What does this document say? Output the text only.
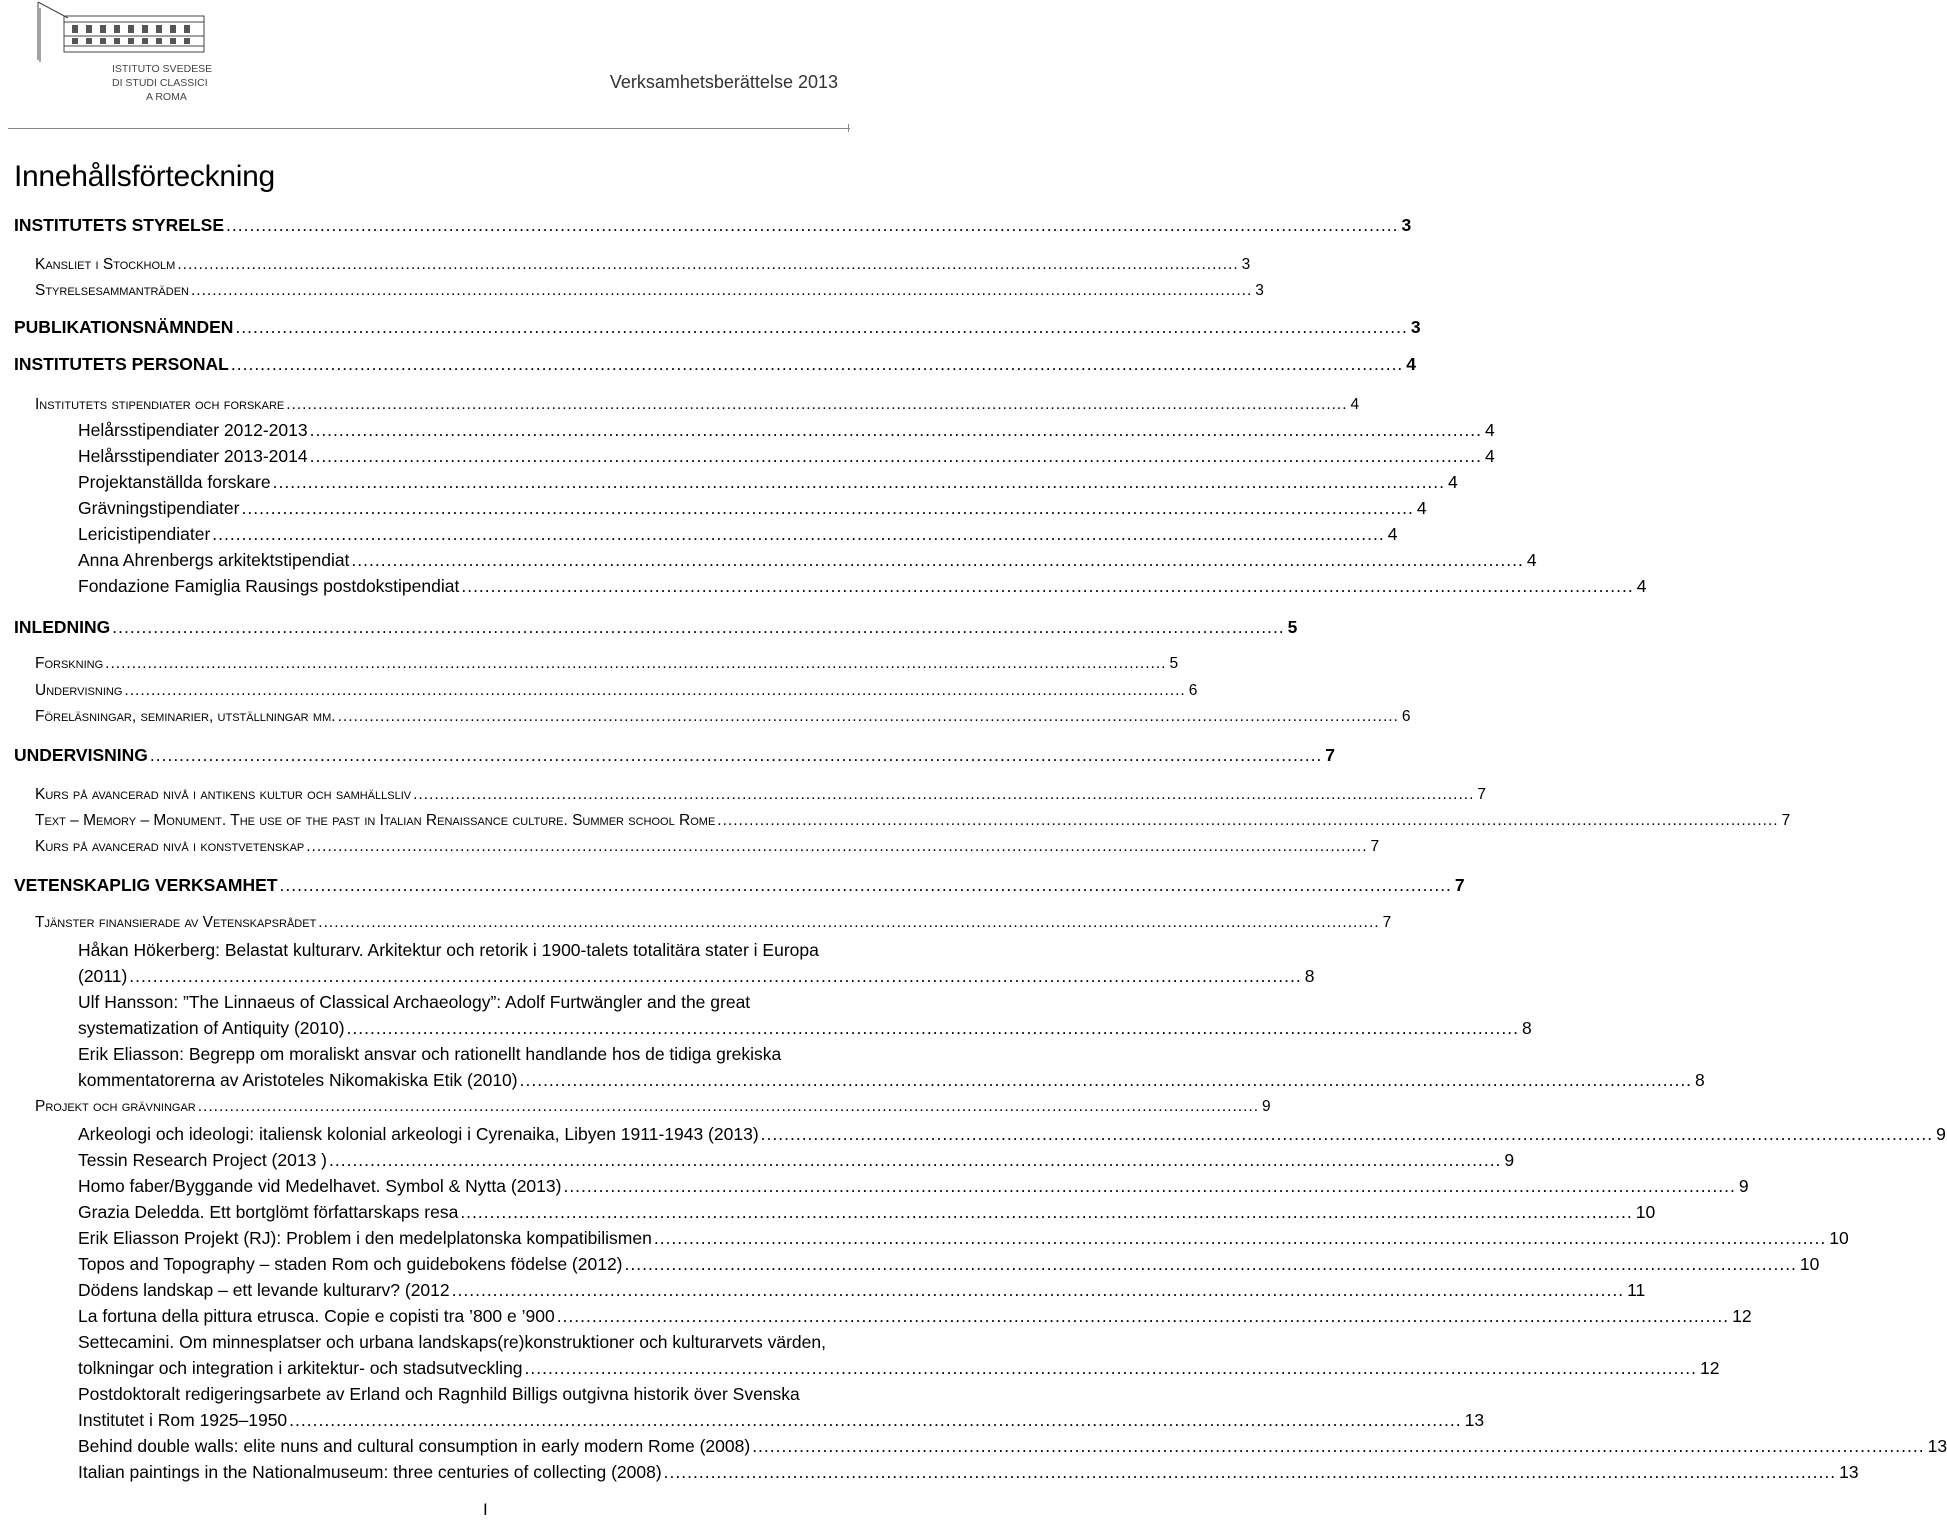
ISTITUTO SVEDESE
DI STUDI CLASSICI
A ROMA
Verksamhetsberättelse 2013
Innehållsförteckning
INSTITUTETS STYRELSE ........................................................................................................................................................................................................ 3
Kansliet i Stockholm ........................................................................................................................................................................................................ 3
Styrelsesammanträden ........................................................................................................................................................................................................ 3
PUBLIKATIONSNÄMNDEN ........................................................................................................................................................................................................ 3
INSTITUTETS PERSONAL ........................................................................................................................................................................................................ 4
Institutets stipendiater och forskare ........................................................................................................................................................................................................ 4
Helårsstipendiater 2012-2013 ........................................................................................................................................................................................................ 4
Helårsstipendiater 2013-2014 ........................................................................................................................................................................................................ 4
Projektanställda forskare ........................................................................................................................................................................................................ 4
Grävningstipendiater ........................................................................................................................................................................................................ 4
Lericistipendiater ........................................................................................................................................................................................................ 4
Anna Ahrenbergs arkitektstipendiat ........................................................................................................................................................................................................ 4
Fondazione Famiglia Rausings postdokstipendiat ........................................................................................................................................................................................................ 4
INLEDNING ........................................................................................................................................................................................................ 5
Forskning ........................................................................................................................................................................................................ 5
Undervisning ........................................................................................................................................................................................................ 6
Föreläsningar, seminarier, utställningar mm. ........................................................................................................................................................................................................ 6
UNDERVISNING ........................................................................................................................................................................................................ 7
Kurs på avancerad nivå i antikens kultur och samhällsliv ........................................................................................................................................................................................................ 7
Text – Memory – Monument. The use of the past in Italian Renaissance culture. Summer school Rome ........................................................................................................................................................................................................ 7
Kurs på avancerad nivå i konstvetenskap ........................................................................................................................................................................................................ 7
VETENSKAPLIG VERKSAMHET ........................................................................................................................................................................................................ 7
Tjänster finansierade av Vetenskapsrådet ........................................................................................................................................................................................................ 7
Håkan Hökerberg: Belastat kulturarv. Arkitektur och retorik i 1900-talets totalitära stater i Europa
(2011) ........................................................................................................................................................................................................ 8
Ulf Hansson: ”The Linnaeus of Classical Archaeology”: Adolf Furtwängler and the great
systematization of Antiquity (2010) ........................................................................................................................................................................................................ 8
Erik Eliasson: Begrepp om moraliskt ansvar och rationellt handlande hos de tidiga grekiska
kommentatorerna av Aristoteles Nikomakiska Etik (2010) ........................................................................................................................................................................................................ 8
Projekt och grävningar ........................................................................................................................................................................................................ 9
Arkeologi och ideologi: italiensk kolonial arkeologi i Cyrenaika, Libyen 1911-1943 (2013) ........................................................................................................................................................................................................ 9
Tessin Research Project (2013 ) ........................................................................................................................................................................................................ 9
Homo faber/Byggande vid Medelhavet. Symbol & Nytta (2013) ........................................................................................................................................................................................................ 9
Grazia Deledda. Ett bortglömt författarskaps resa ........................................................................................................................................................................................................ 10
Erik Eliasson Projekt (RJ): Problem i den medelplatonska kompatibilismen ........................................................................................................................................................................................................ 10
Topos and Topography – staden Rom och guidebokens födelse (2012) ........................................................................................................................................................................................................ 10
Dödens landskap – ett levande kulturarv? (2012 ........................................................................................................................................................................................................ 11
La fortuna della pittura etrusca. Copie e copisti tra ’800 e ’900 ........................................................................................................................................................................................................ 12
Settecamini. Om minnesplatser och urbana landskaps(re)konstruktioner och kulturarvets värden,
tolkningar och integration i arkitektur- och stadsutveckling ........................................................................................................................................................................................................ 12
Postdoktoralt redigeringsarbete av Erland och Ragnhild Billigs outgivna historik över Svenska
Institutet i Rom 1925–1950 ........................................................................................................................................................................................................ 13
Behind double walls: elite nuns and cultural consumption in early modern Rome (2008) ........................................................................................................................................................................................................ 13
Italian paintings in the Nationalmuseum: three centuries of collecting (2008) ........................................................................................................................................................................................................ 13
I
